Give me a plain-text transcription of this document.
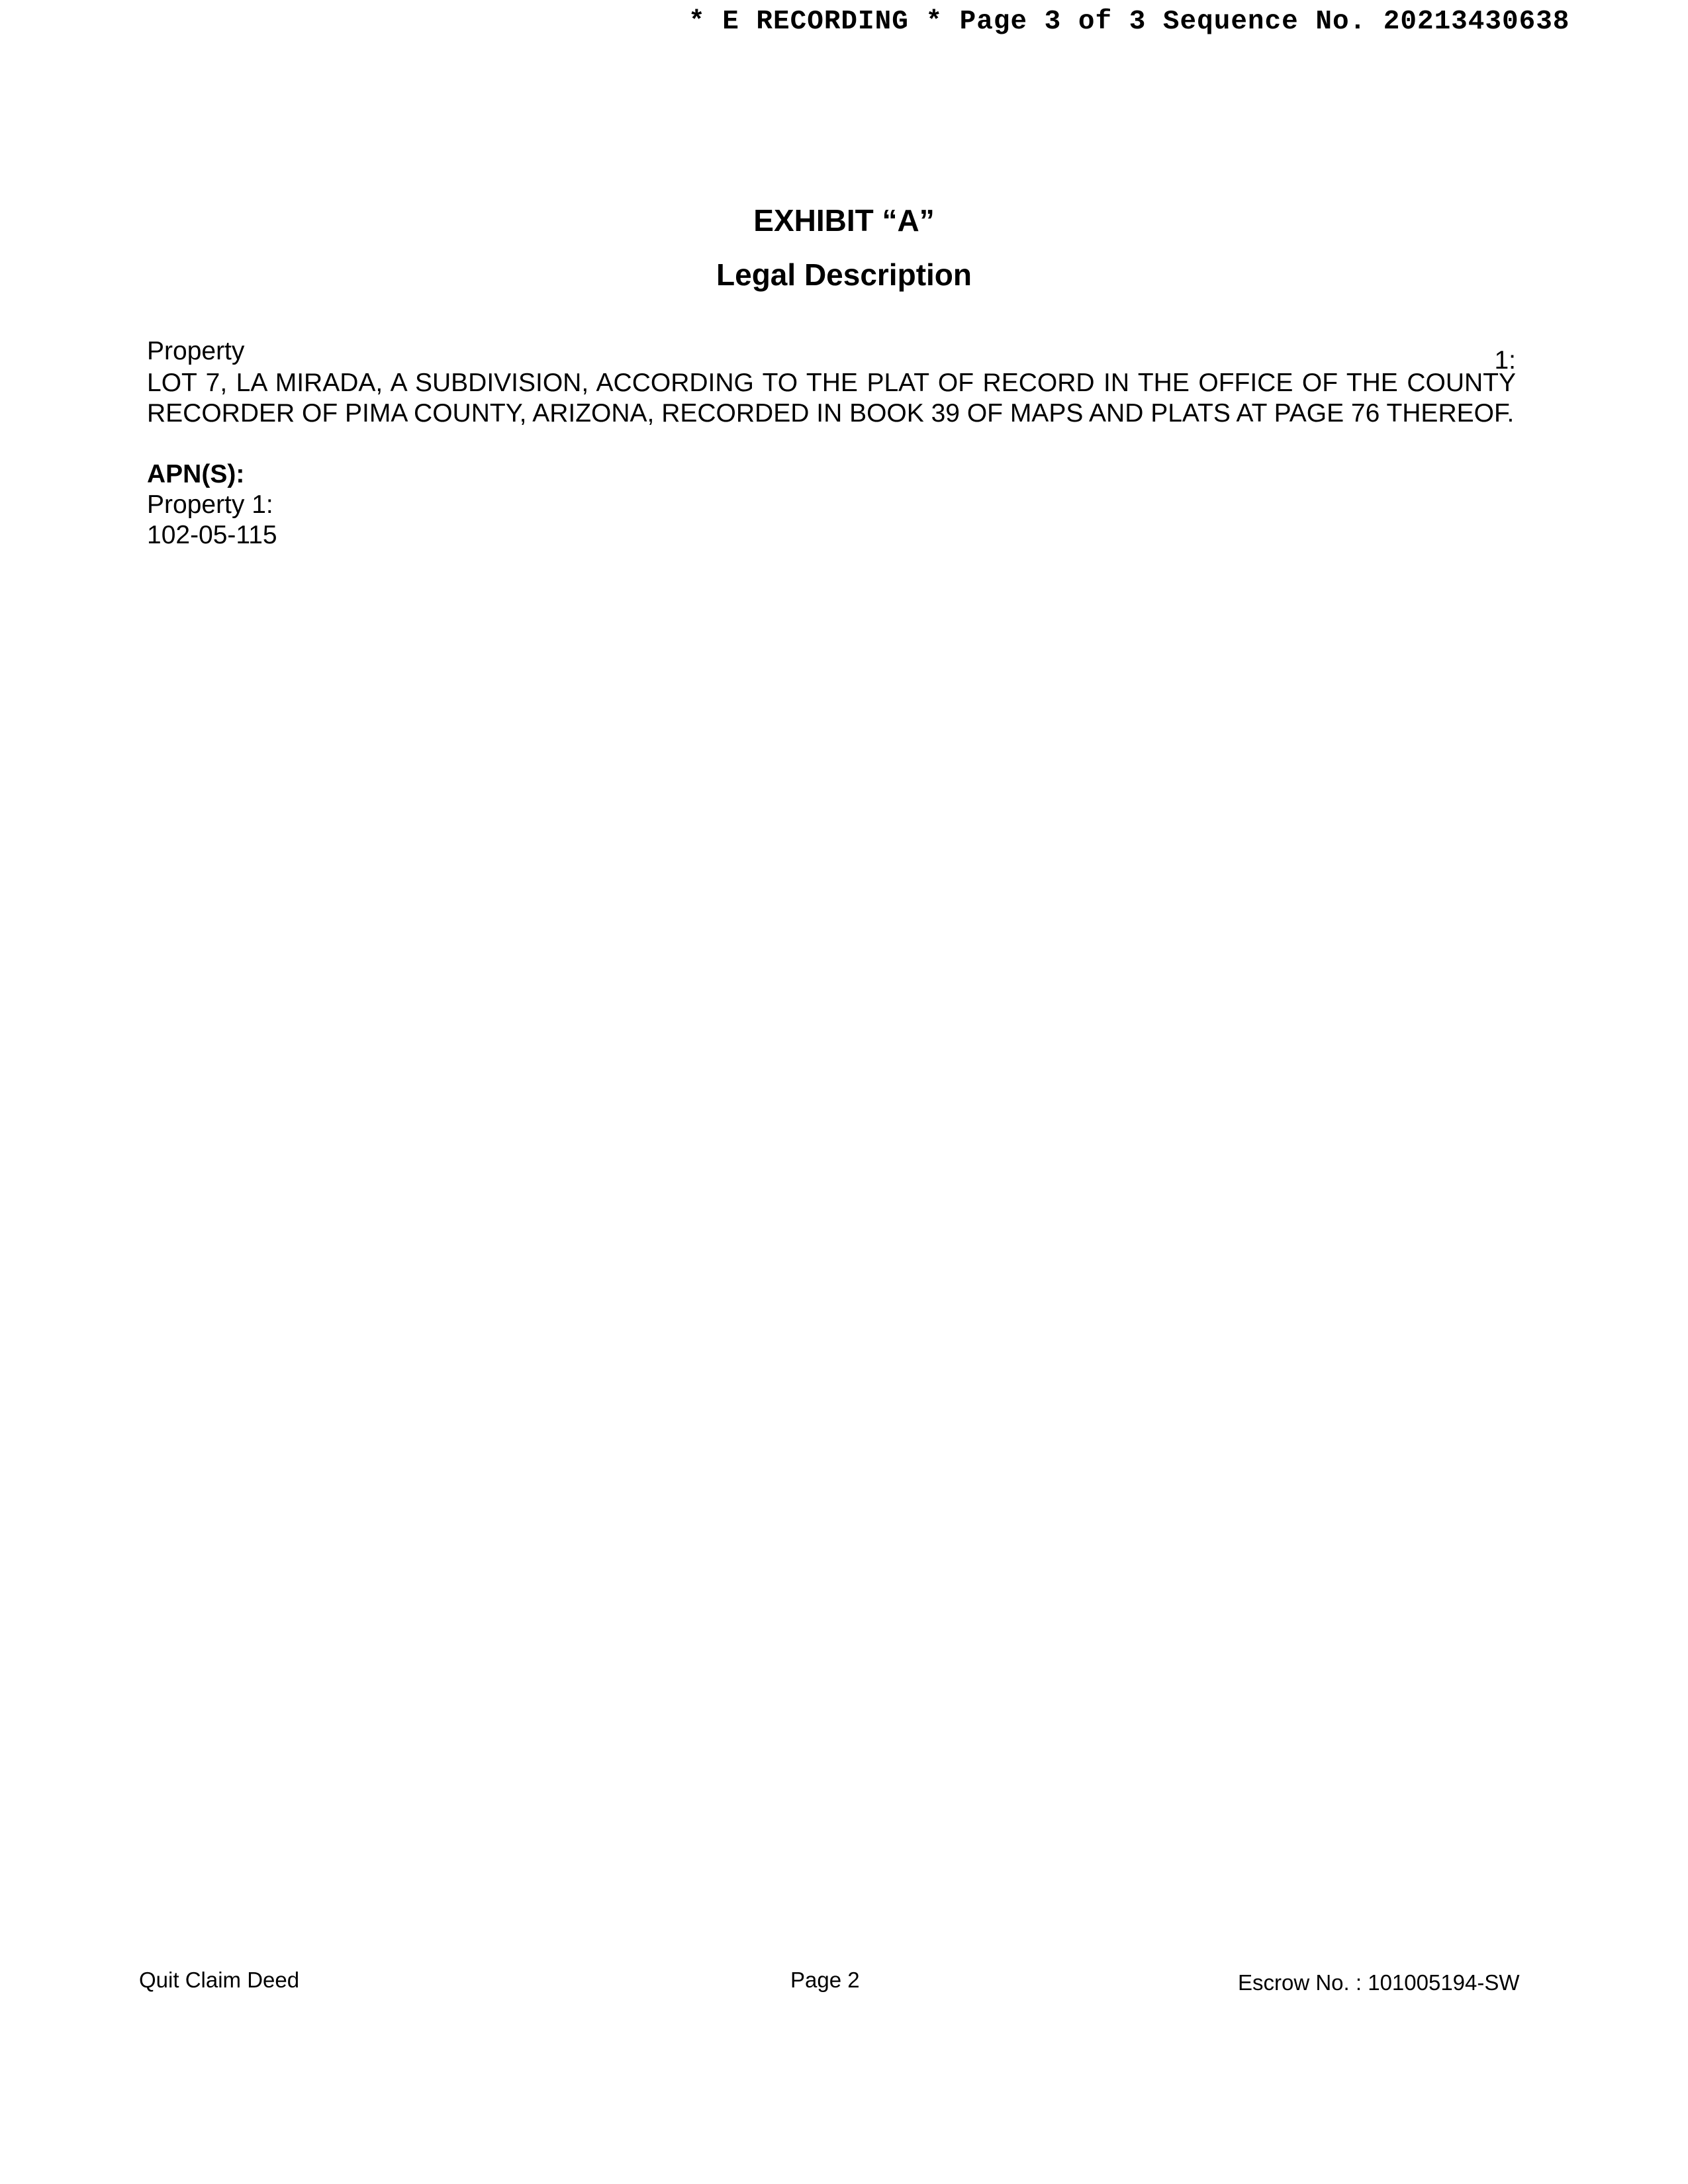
* E RECORDING * Page 3 of 3 Sequence No. 20213430638
EXHIBIT “A”
Legal Description
Property	1:
LOT 7, LA MIRADA, A SUBDIVISION, ACCORDING TO THE PLAT OF RECORD IN THE OFFICE OF THE COUNTY RECORDER OF PIMA COUNTY, ARIZONA, RECORDED IN BOOK 39 OF MAPS AND PLATS AT PAGE 76 THEREOF.
APN(S):
Property 1:
102-05-115
Quit Claim Deed	Page 2	Escrow No. : 101005194-SW
